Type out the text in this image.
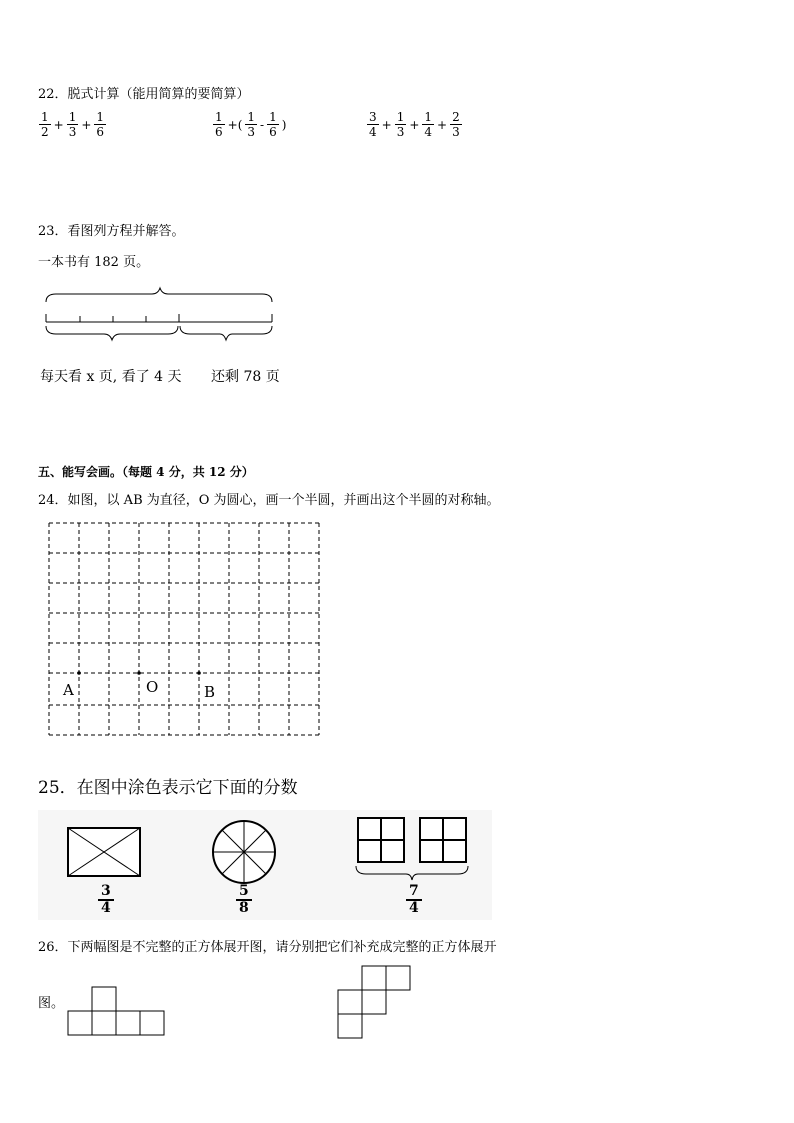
22．脱式计算（能用简算的要简算）
$\frac{1}{2} + \frac{1}{3} + \frac{1}{6}$	$\frac{1}{6}$ +( $\frac{1}{3} - \frac{1}{6}$ )	$\frac{3}{4} + \frac{1}{3} + \frac{1}{4} + \frac{2}{3}$
23．看图列方程并解答。
一本书有 182 页。
每天看 x 页, 看了 4 天 还剩 78 页
五、能写会画。（每题 4 分，共 12 分）
24．如图，以 AB 为直径，O 为圆心，画一个半圆，并画出这个半圆的对称轴。
A	O	B
25．在图中涂色表示它下面的分数
3
4
5
8
7
4
26．下两幅图是不完整的正方体展开图，请分别把它们补充成完整的正方体展开
图。
